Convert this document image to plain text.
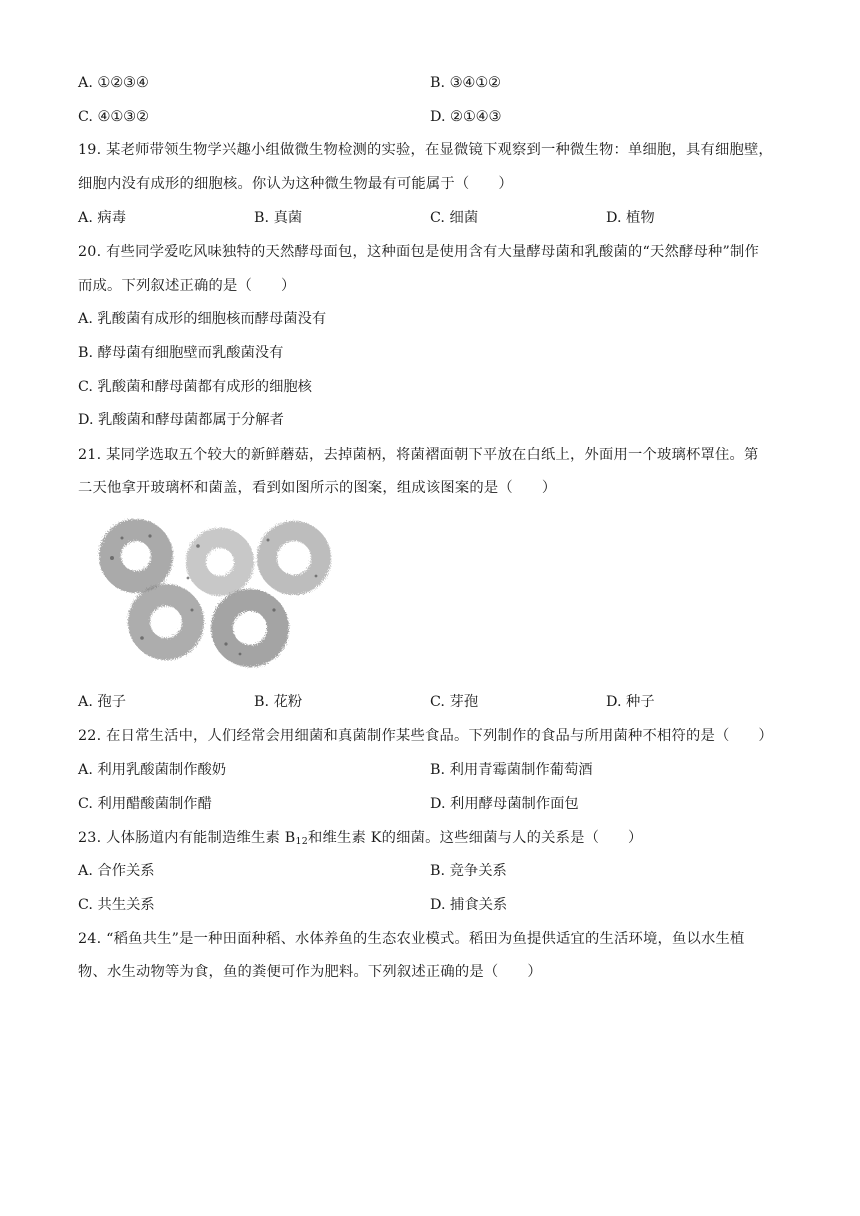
A. ①②③④	B. ③④①②
C. ④①③②	D. ②①④③
19. 某老师带领生物学兴趣小组做微生物检测的实验，在显微镜下观察到一种微生物：单细胞，具有细胞壁，
细胞内没有成形的细胞核。你认为这种微生物最有可能属于（　　）
A. 病毒	B. 真菌	C. 细菌	D. 植物
20. 有些同学爱吃风味独特的天然酵母面包，这种面包是使用含有大量酵母菌和乳酸菌的“天然酵母种”制作
而成。下列叙述正确的是（　　）
A. 乳酸菌有成形的细胞核而酵母菌没有
B. 酵母菌有细胞壁而乳酸菌没有
C. 乳酸菌和酵母菌都有成形的细胞核
D. 乳酸菌和酵母菌都属于分解者
21. 某同学选取五个较大的新鲜蘑菇，去掉菌柄，将菌褶面朝下平放在白纸上，外面用一个玻璃杯罩住。第
二天他拿开玻璃杯和菌盖，看到如图所示的图案，组成该图案的是（　　）
A. 孢子	B. 花粉	C. 芽孢	D. 种子
22. 在日常生活中，人们经常会用细菌和真菌制作某些食品。下列制作的食品与所用菌种不相符的是（　　）
A. 利用乳酸菌制作酸奶	B. 利用青霉菌制作葡萄酒
C. 利用醋酸菌制作醋	D. 利用酵母菌制作面包
23. 人体肠道内有能制造维生素 $B_{12}$和维生素 K的细菌。这些细菌与人的关系是（　　）
A. 合作关系	B. 竞争关系
C. 共生关系	D. 捕食关系
24. “稻鱼共生”是一种田面种稻、水体养鱼的生态农业模式。稻田为鱼提供适宜的生活环境，鱼以水生植
物、水生动物等为食，鱼的粪便可作为肥料。下列叙述正确的是（　　）
